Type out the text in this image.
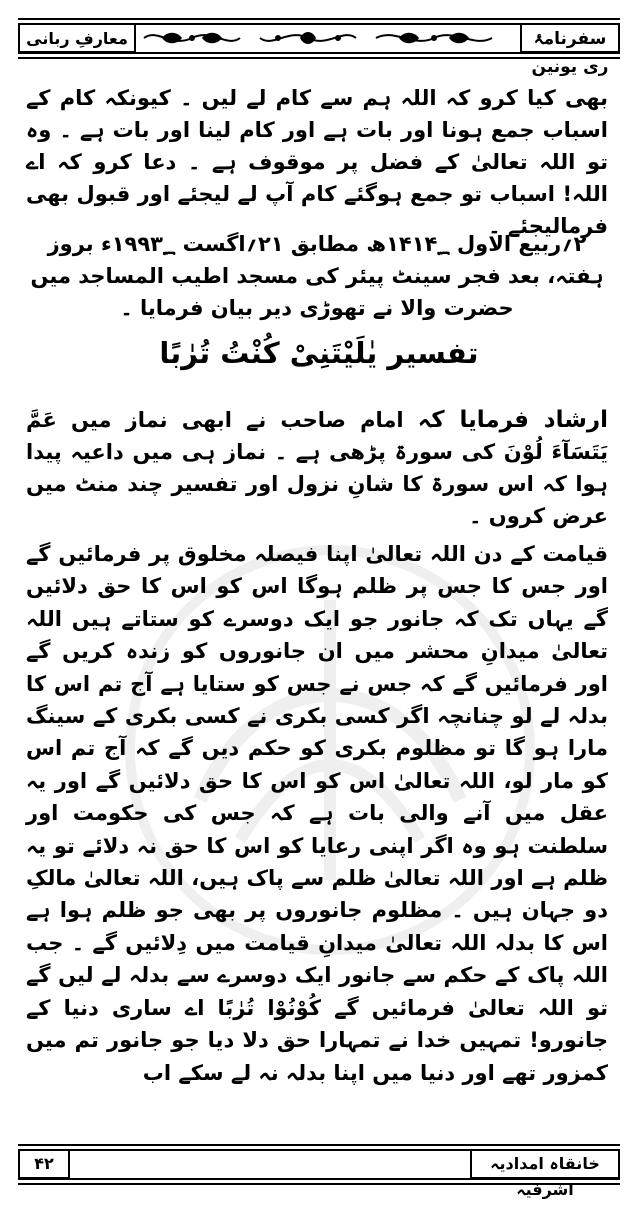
سفرنامۂ ری یونین
معارفِ ربانی

بھی کیا کرو کہ اللہ ہم سے کام لے لیں ۔ کیونکہ کام کے اسباب جمع ہونا اور بات ہے اور کام لینا اور بات ہے ۔ وہ تو اللہ تعالیٰ کے فضل پر موقوف ہے ۔ دعا کرو کہ اے اللہ! اسباب تو جمع ہوگئے کام آپ لے لیجئے اور قبول بھی فرمالیجئے ۔

۲؍ربیع الاول ۱۴۱۴؁ھ مطابق ۲۱؍اگست ۱۹۹۳؁ء بروز ہفتہ، بعد فجر سینٹ پیئر کی مسجد اطیب المساجد میں حضرت والا نے تھوڑی دیر بیان فرمایا ۔

تفسیر یٰلَیْتَنِیْ کُنْتُ تُرٰبًا

ارشاد فرمایا کہ امام صاحب نے ابھی نماز میں عَمَّ یَتَسَآءَ لُوْنَ کی سورۃ پڑھی ہے ۔ نماز ہی میں داعیہ پیدا ہوا کہ اس سورۃ کا شانِ نزول اور تفسیر چند منٹ میں عرض کروں ۔

قیامت کے دن اللہ تعالیٰ اپنا فیصلہ مخلوق پر فرمائیں گے اور جس کا جس پر ظلم ہوگا اس کو اس کا حق دلائیں گے یہاں تک کہ جانور جو ایک دوسرے کو ستاتے ہیں اللہ تعالیٰ میدانِ محشر میں ان جانوروں کو زندہ کریں گے اور فرمائیں گے کہ جس نے جس کو ستایا ہے آج تم اس کا بدلہ لے لو چنانچہ اگر کسی بکری نے کسی بکری کے سینگ مارا ہو گا تو مظلوم بکری کو حکم دیں گے کہ آج تم اس کو مار لو، اللہ تعالیٰ اس کو اس کا حق دلائیں گے اور یہ عقل میں آنے والی بات ہے کہ جس کی حکومت اور سلطنت ہو وہ اگر اپنی رعایا کو اس کا حق نہ دلائے تو یہ ظلم ہے اور اللہ تعالیٰ ظلم سے پاک ہیں، اللہ تعالیٰ مالکِ دو جہان ہیں ۔ مظلوم جانوروں پر بھی جو ظلم ہوا ہے اس کا بدلہ اللہ تعالیٰ میدانِ قیامت میں دِلائیں گے ۔ جب اللہ پاک کے حکم سے جانور ایک دوسرے سے بدلہ لے لیں گے تو اللہ تعالیٰ فرمائیں گے کُوْنُوْا تُرٰبًا اے ساری دنیا کے جانورو! تمہیں خدا نے تمہارا حق دلا دیا جو جانور تم میں کمزور تھے اور دنیا میں اپنا بدلہ نہ لے سکے اب

۴۲	خانقاہ امدادیہ اشرفیہ
